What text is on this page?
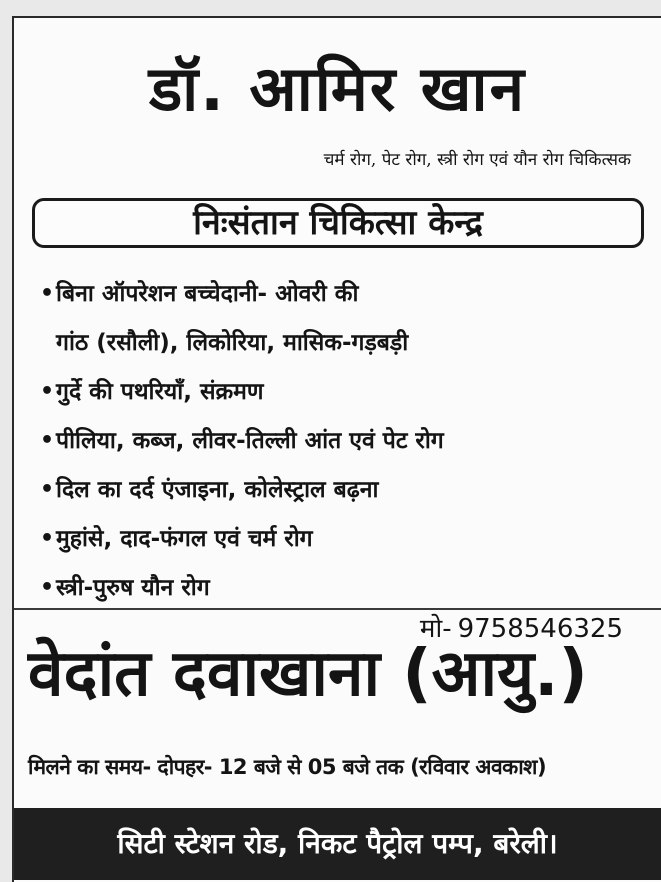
डॉ. आमिर खान
चर्म रोग, पेट रोग, स्त्री रोग एवं यौन रोग चिकित्सक
निःसंतान चिकित्सा केन्द्र
• बिना ऑपरेशन बच्चेदानी- ओवरी की
गांठ (रसौली), लिकोरिया, मासिक-गड़बड़ी
• गुर्दे की पथरियाँ, संक्रमण
• पीलिया, कब्ज, लीवर-तिल्ली आंत एवं पेट रोग
• दिल का दर्द एंजाइना, कोलेस्ट्राल बढ़ना
• मुहांसे, दाद-फंगल एवं चर्म रोग
• स्त्री-पुरुष यौन रोग
मो- 9758546325
वेदांत दवाखाना (आयु.)
मिलने का समय- दोपहर- 12 बजे से 05 बजे तक (रविवार अवकाश)
सिटी स्टेशन रोड, निकट पैट्रोल पम्प, बरेली।
